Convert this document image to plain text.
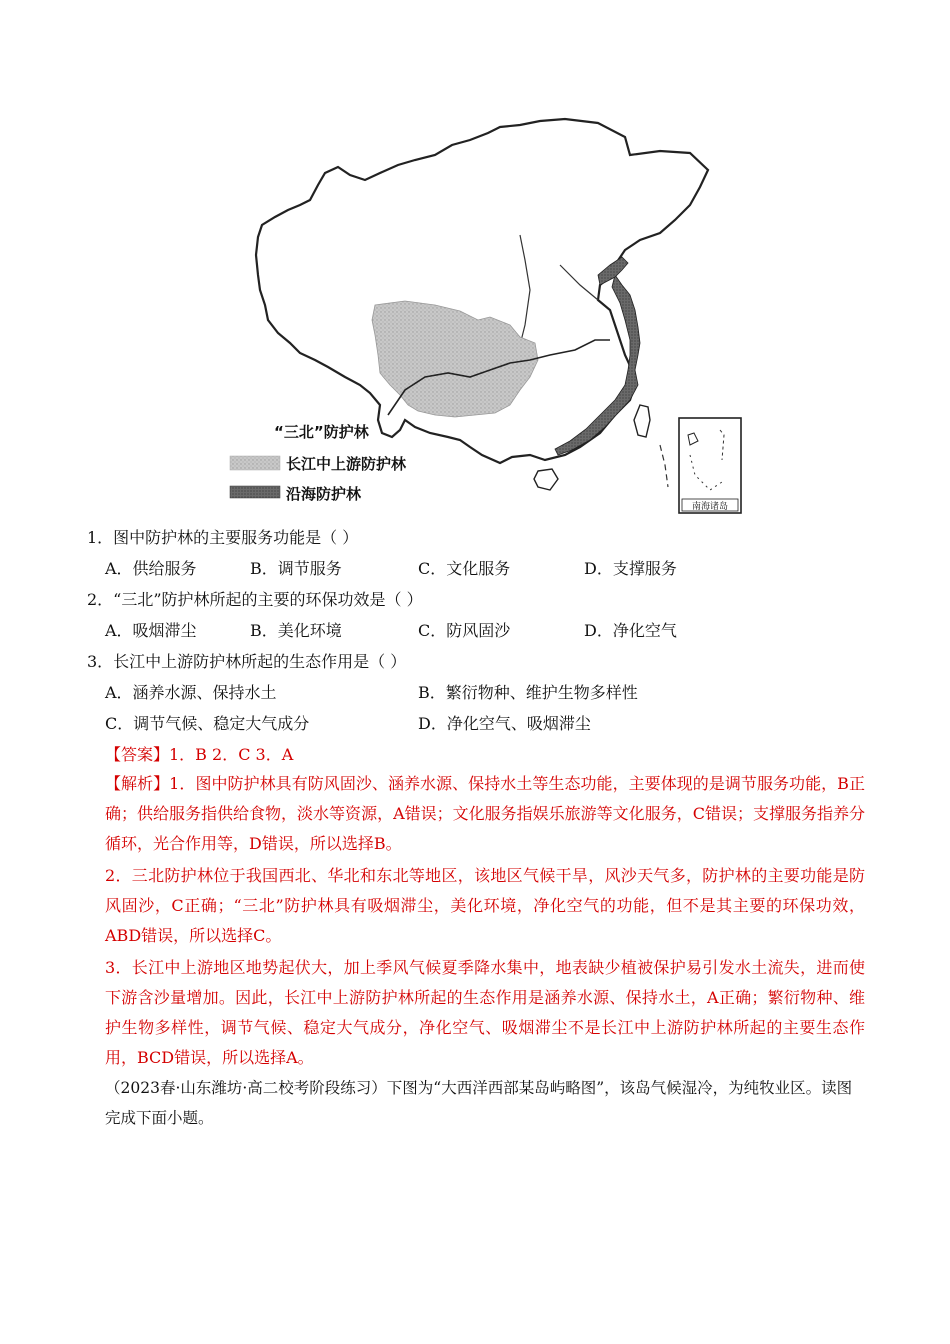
南海诸岛
“三北”防护林
长江中上游防护林
沿海防护林
1．图中防护林的主要服务功能是（ ）
A．供给服务	B．调节服务	C．文化服务	D．支撑服务
2．“三北”防护林所起的主要的环保功效是（ ）
A．吸烟滞尘	B．美化环境	C．防风固沙	D．净化空气
3．长江中上游防护林所起的生态作用是（ ）
A．涵养水源、保持水土	B．繁衍物种、维护生物多样性
C．调节气候、稳定大气成分	D．净化空气、吸烟滞尘
【答案】1．B 2．C 3．A
【解析】1．图中防护林具有防风固沙、涵养水源、保持水土等生态功能，主要体现的是调节服务功能，B正确；供给服务指供给食物，淡水等资源，A错误；文化服务指娱乐旅游等文化服务，C错误；支撑服务指养分循环，光合作用等，D错误，所以选择B。
2．三北防护林位于我国西北、华北和东北等地区，该地区气候干旱，风沙天气多，防护林的主要功能是防风固沙，C正确；“三北”防护林具有吸烟滞尘，美化环境，净化空气的功能，但不是其主要的环保功效，ABD错误，所以选择C。
3．长江中上游地区地势起伏大，加上季风气候夏季降水集中，地表缺少植被保护易引发水土流失，进而使下游含沙量增加。因此，长江中上游防护林所起的生态作用是涵养水源、保持水土，A正确；繁衍物种、维护生物多样性，调节气候、稳定大气成分，净化空气、吸烟滞尘不是长江中上游防护林所起的主要生态作用，BCD错误，所以选择A。
（2023春·山东潍坊·高二校考阶段练习）下图为“大西洋西部某岛屿略图”，该岛气候湿冷，为纯牧业区。读图完成下面小题。
